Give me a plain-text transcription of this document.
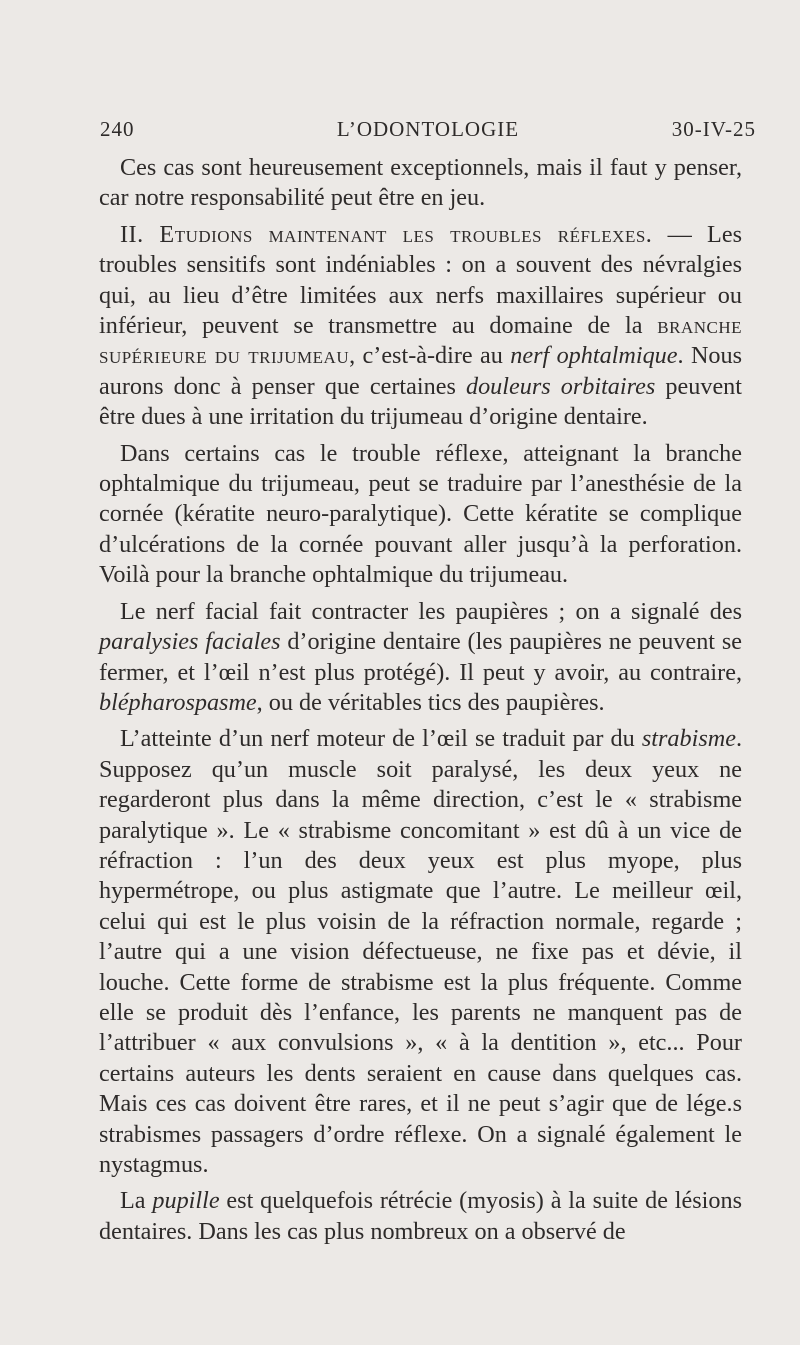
240	L’ODONTOLOGIE	30-IV-25

Ces cas sont heureusement exceptionnels, mais il faut y penser, car notre responsabilité peut être en jeu.

II. Etudions maintenant les troubles réflexes. — Les troubles sensitifs sont indéniables : on a souvent des névralgies qui, au lieu d’être limitées aux nerfs maxillaires supérieur ou inférieur, peuvent se transmettre au domaine de la branche supérieure du trijumeau, c’est-à-dire au nerf ophtalmique. Nous aurons donc à penser que certaines douleurs orbitaires peuvent être dues à une irritation du trijumeau d’origine dentaire.

Dans certains cas le trouble réflexe, atteignant la branche ophtalmique du trijumeau, peut se traduire par l’anesthésie de la cornée (kératite neuro-paralytique). Cette kératite se complique d’ulcérations de la cornée pouvant aller jusqu’à la perforation. Voilà pour la branche ophtalmique du trijumeau.

Le nerf facial fait contracter les paupières ; on a signalé des paralysies faciales d’origine dentaire (les paupières ne peuvent se fermer, et l’œil n’est plus protégé). Il peut y avoir, au contraire, blépharospasme, ou de véritables tics des paupières.

L’atteinte d’un nerf moteur de l’œil se traduit par du strabisme. Supposez qu’un muscle soit paralysé, les deux yeux ne regarderont plus dans la même direction, c’est le « strabisme paralytique ». Le « strabisme concomitant » est dû à un vice de réfraction : l’un des deux yeux est plus myope, plus hypermétrope, ou plus astigmate que l’autre. Le meilleur œil, celui qui est le plus voisin de la réfraction normale, regarde ; l’autre qui a une vision défectueuse, ne fixe pas et dévie, il louche. Cette forme de strabisme est la plus fréquente. Comme elle se produit dès l’enfance, les parents ne manquent pas de l’attribuer « aux convulsions », « à la dentition », etc... Pour certains auteurs les dents seraient en cause dans quelques cas. Mais ces cas doivent être rares, et il ne peut s’agir que de lége.s strabismes passagers d’ordre réflexe. On a signalé également le nystagmus.

La pupille est quelquefois rétrécie (myosis) à la suite de lésions dentaires. Dans les cas plus nombreux on a observé de
